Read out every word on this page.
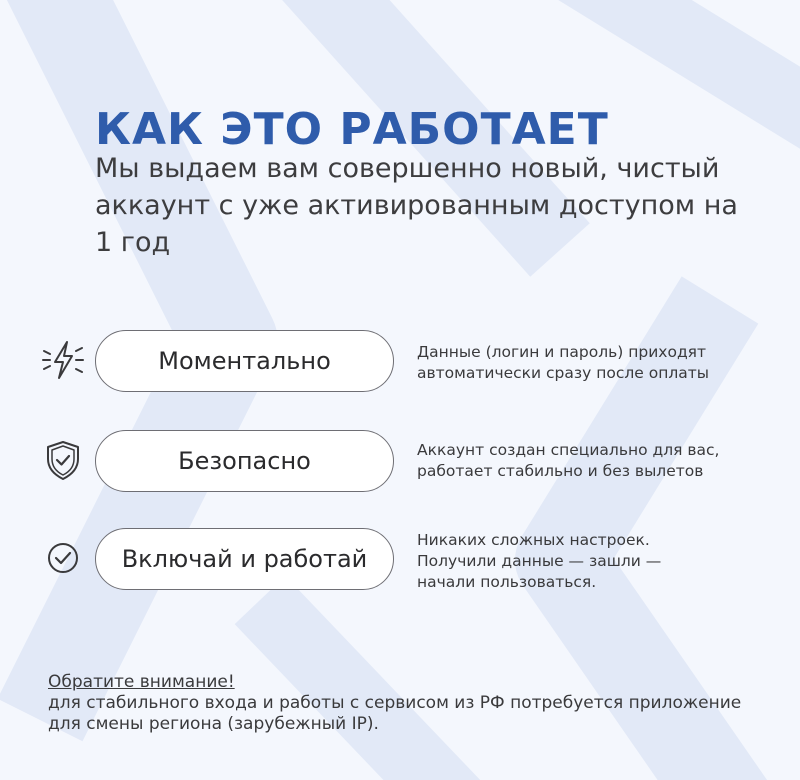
КАК ЭТО РАБОТАЕТ

Мы выдаем вам совершенно новый, чистый аккаунт с уже активированным доступом на 1 год

Моментально	Данные (логин и пароль) приходят автоматически сразу после оплаты

Безопасно	Аккаунт создан специально для вас, работает стабильно и без вылетов

Включай и работай

Никаких сложных настроек. Получили данные — зашли — начали пользоваться.

Обратите внимание!
для стабильного входа и работы с сервисом из РФ потребуется приложение для смены региона (зарубежный IP).
